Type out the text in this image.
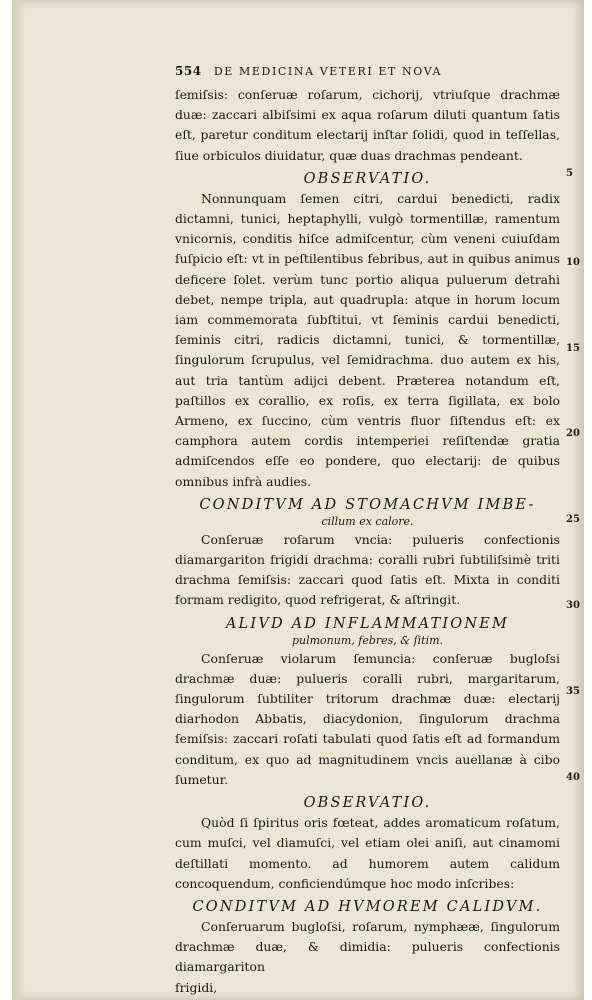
554 DE MEDICINA VETERI ET NOVA

ſemiſsis: conſeruæ roſarum, cichorij, vtriuſque drachmæ duæ: zaccari albiſsimi ex aqua roſarum diluti quantum ſatis eſt, paretur conditum electarij inſtar ſolidi, quod in teſſellas, ſiue orbiculos diuidatur, quæ duas drachmas pendeant.

OBSERVATIO.

Nonnunquam ſemen citri, cardui benedicti, radix dictamni, tunici, heptaphylli, vulgò tormentillæ, ramentum vnicornis, conditis hiſce admiſcentur, cùm veneni cuiuſdam ſuſpicio eſt: vt in peſtilentibus febribus, aut in quibus animus deficere ſolet. verùm tunc portio aliqua puluerum detrahi debet, nempe tripla, aut quadrupla: atque in horum locum iam commemorata ſubſtitui, vt ſeminis cardui benedicti, ſeminis citri, radicis dictamni, tunici, & tormentillæ, ſingulorum ſcrupulus, vel ſemidrachma. duo autem ex his, aut tria tantùm adijci debent. Præterea notandum eſt, paſtillos ex corallio, ex roſis, ex terra ſigillata, ex bolo Armeno, ex ſuccino, cùm ventris fluor ſiſtendus eſt: ex camphora autem cordis intemperiei reſiſtendæ gratia admiſcendos eſſe eo pondere, quo electarij: de quibus omnibus infrà audies.

CONDITVM AD STOMACHVM IMBE-
cillum ex calore.

Conſeruæ roſarum vncia: pulueris confectionis diamargariton frigidi drachma: coralli rubri ſubtiliſsimè triti drachma ſemiſsis: zaccari quod ſatis eſt. Mixta in conditi formam redigito, quod refrigerat, & aſtringit.

ALIVD AD INFLAMMATIONEM
pulmonum, febres, & ſitim.

Conſeruæ violarum ſemuncia: conſeruæ bugloſsi drachmæ duæ: pulueris coralli rubri, margaritarum, ſingulorum ſubtiliter tritorum drachmæ duæ: electarij diarhodon Abbatis, diacydonion, ſingulorum drachma ſemiſsis: zaccari roſati tabulati quod ſatis eſt ad formandum conditum, ex quo ad magnitudinem vncis auellanæ à cibo ſumetur.

OBSERVATIO.

Quòd ſi ſpiritus oris fœteat, addes aromaticum roſatum, cum muſci, vel diamuſci, vel etiam olei aniſi, aut cinamomi deſtillati momento. ad humorem autem calidum concoquendum, conficiendúmque hoc modo inſcribes:

CONDITVM AD HVMOREM CALIDVM.

Conſeruarum bugloſsi, roſarum, nymphææ, ſingulorum drachmæ duæ, & dimidia: pulueris confectionis diamargariton

frigidi,

5
10
15
20
25
30
35
40
